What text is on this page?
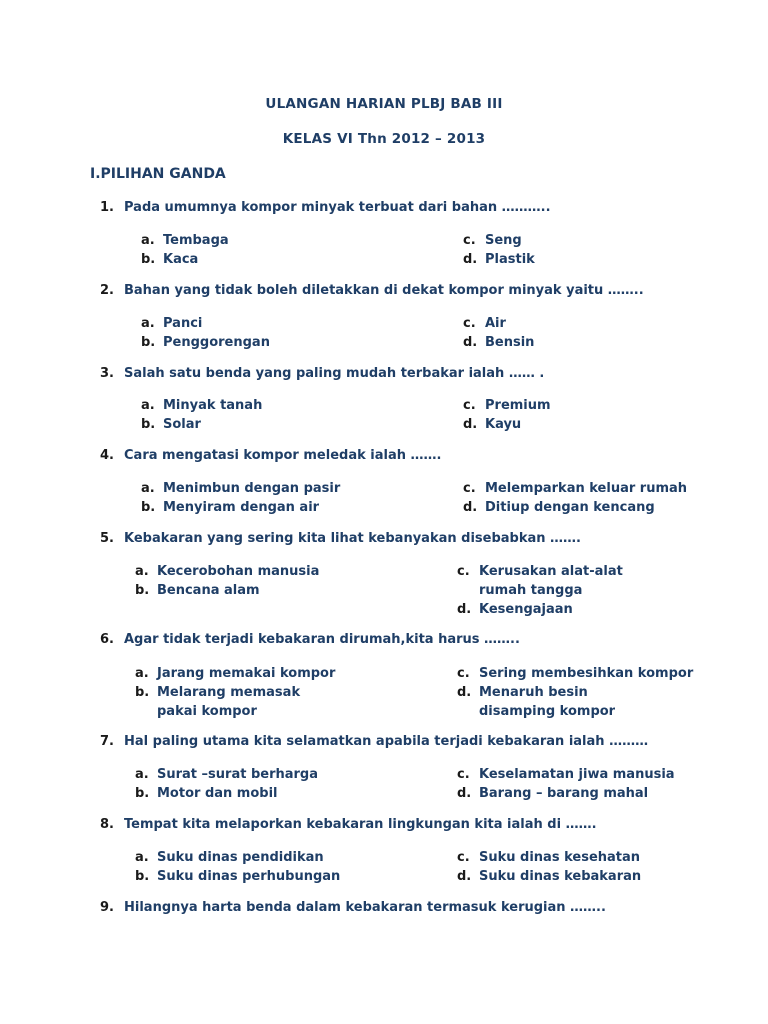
ULANGAN HARIAN PLBJ BAB III
KELAS VI Thn 2012 – 2013
I.PILIHAN GANDA
1. Pada umumnya kompor minyak terbuat dari bahan ………..
a. Tembaga
b. Kaca
c. Seng
d. Plastik
2. Bahan yang tidak boleh diletakkan di dekat kompor minyak yaitu ……..
a. Panci
b. Penggorengan
c. Air
d. Bensin
3. Salah satu benda yang paling mudah terbakar ialah …… .
a. Minyak tanah
b. Solar
c. Premium
d. Kayu
4. Cara mengatasi kompor meledak ialah …….
a. Menimbun dengan pasir
b. Menyiram dengan air
c. Melemparkan keluar rumah
d. Ditiup dengan kencang
5. Kebakaran yang sering kita lihat kebanyakan disebabkan …….
a. Kecerobohan manusia
b. Bencana alam
c. Kerusakan alat-alat rumah tangga
d. Kesengajaan
6. Agar tidak terjadi kebakaran dirumah,kita harus ……..
a. Jarang memakai kompor
b. Melarang memasak pakai kompor
c. Sering membesihkan kompor
d. Menaruh besin disamping kompor
7. Hal paling utama kita selamatkan apabila terjadi kebakaran ialah ………
a.Surat –surat berharga
b. Motor dan mobil
c. Keselamatan jiwa manusia
d. Barang – barang mahal
8. Tempat kita melaporkan kebakaran lingkungan kita ialah di …….
a. Suku dinas pendidikan
b. Suku dinas perhubungan
c. Suku dinas kesehatan
d. Suku dinas kebakaran
9. Hilangnya harta benda dalam kebakaran termasuk kerugian ……..
